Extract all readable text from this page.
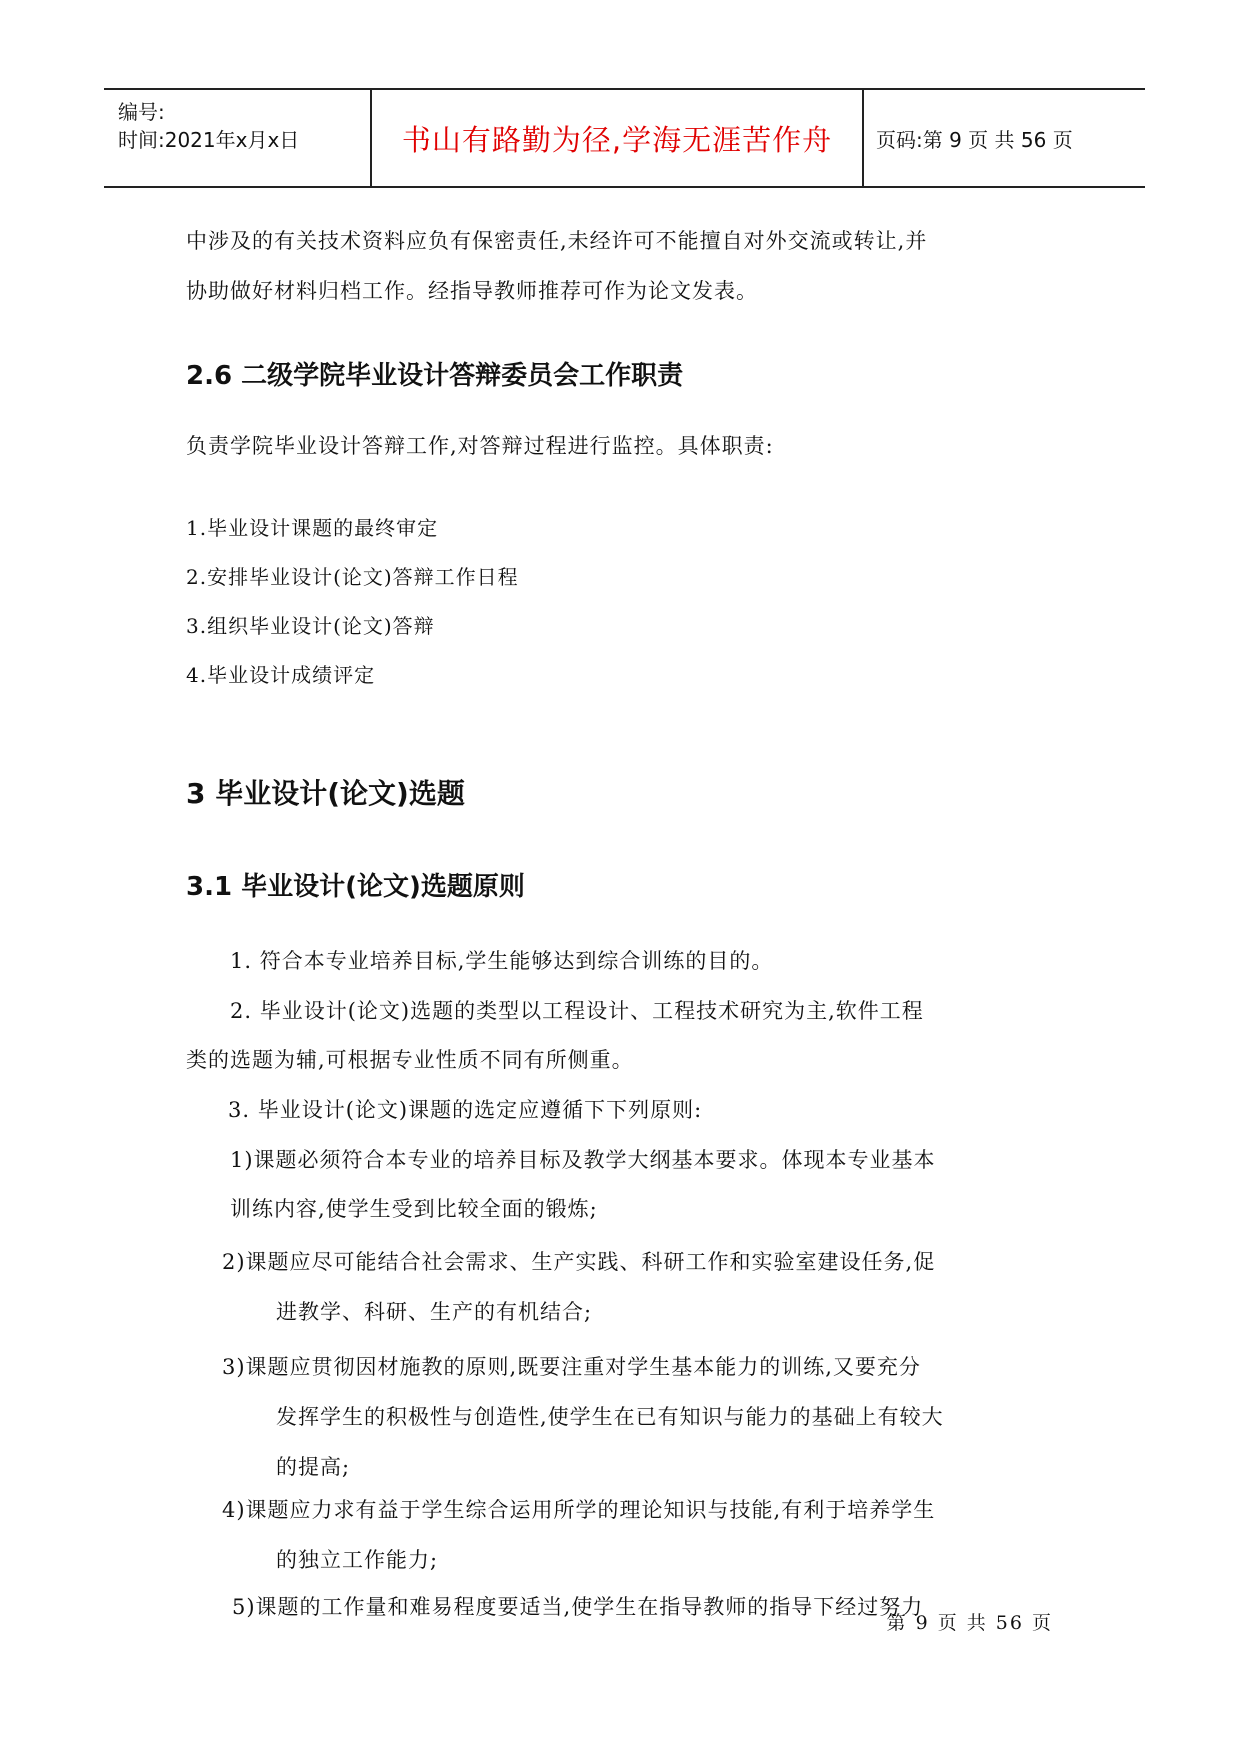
编号:
时间:2021年x月x日	书山有路勤为径,学海无涯苦作舟	页码:第 9 页 共 56 页
中涉及的有关技术资料应负有保密责任,未经许可不能擅自对外交流或转让,并
协助做好材料归档工作。经指导教师推荐可作为论文发表。
2.6 二级学院毕业设计答辩委员会工作职责
负责学院毕业设计答辩工作,对答辩过程进行监控。具体职责:
1.毕业设计课题的最终审定
2.安排毕业设计(论文)答辩工作日程
3.组织毕业设计(论文)答辩
4.毕业设计成绩评定
3 毕业设计(论文)选题
3.1 毕业设计(论文)选题原则
1. 符合本专业培养目标,学生能够达到综合训练的目的。
2. 毕业设计(论文)选题的类型以工程设计、工程技术研究为主,软件工程
类的选题为辅,可根据专业性质不同有所侧重。
3. 毕业设计(论文)课题的选定应遵循下下列原则:
1)课题必须符合本专业的培养目标及教学大纲基本要求。体现本专业基本
训练内容,使学生受到比较全面的锻炼;
2)课题应尽可能结合社会需求、生产实践、科研工作和实验室建设任务,促
进教学、科研、生产的有机结合;
3)课题应贯彻因材施教的原则,既要注重对学生基本能力的训练,又要充分
发挥学生的积极性与创造性,使学生在已有知识与能力的基础上有较大
的提高;
4)课题应力求有益于学生综合运用所学的理论知识与技能,有利于培养学生
的独立工作能力;
5)课题的工作量和难易程度要适当,使学生在指导教师的指导下经过努力
第 9 页 共 56 页
